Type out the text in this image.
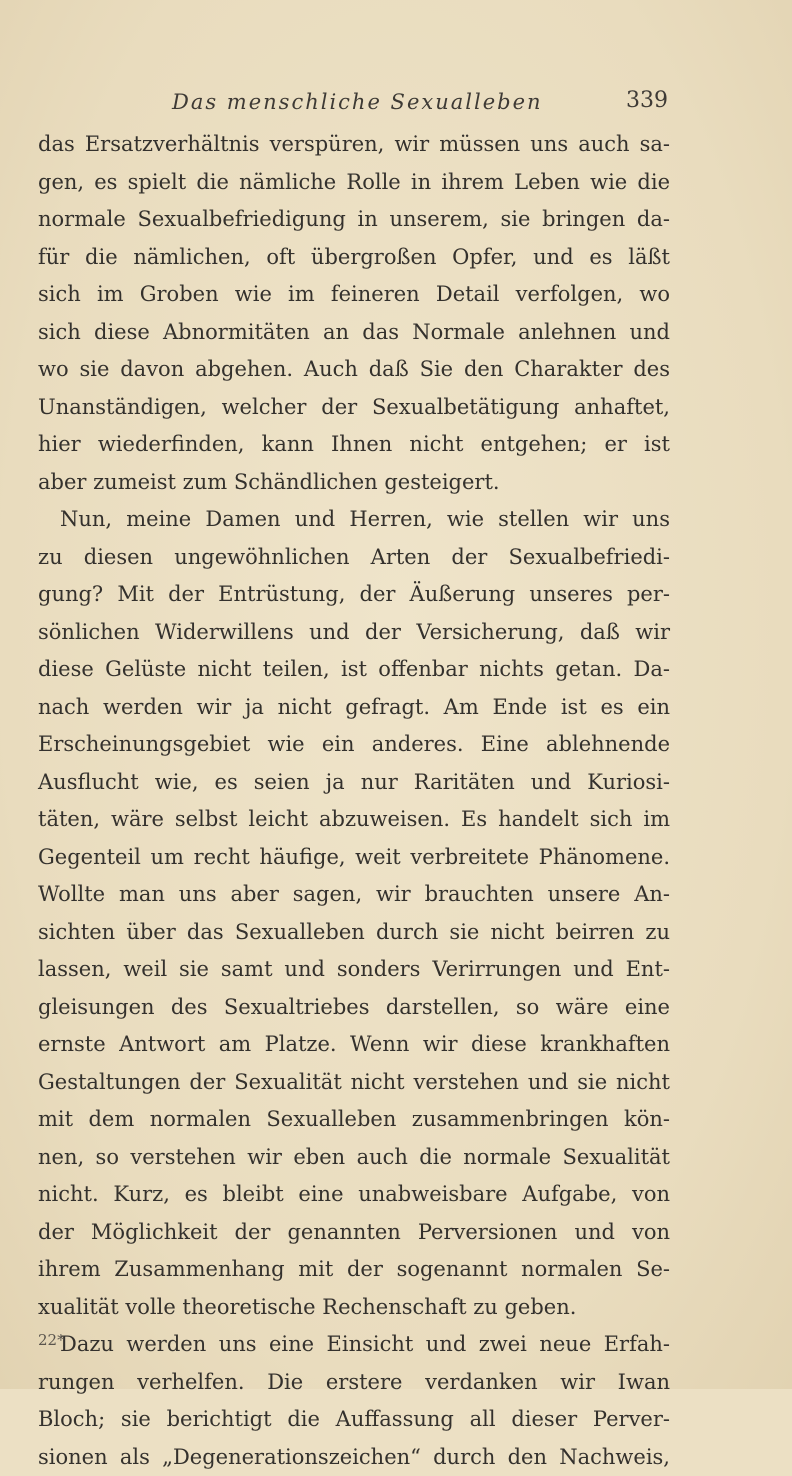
Das menschliche Sexualleben	339
das Ersatzverhältnis verspüren, wir müssen uns auch sa-
gen, es spielt die nämliche Rolle in ihrem Leben wie die
normale Sexualbefriedigung in unserem, sie bringen da-
für die nämlichen, oft übergroßen Opfer, und es läßt
sich im Groben wie im feineren Detail verfolgen, wo
sich diese Abnormitäten an das Normale anlehnen und
wo sie davon abgehen. Auch daß Sie den Charakter des
Unanständigen, welcher der Sexualbetätigung anhaftet,
hier wiederfinden, kann Ihnen nicht entgehen; er ist
aber zumeist zum Schändlichen gesteigert.
Nun, meine Damen und Herren, wie stellen wir uns
zu diesen ungewöhnlichen Arten der Sexualbefriedi-
gung? Mit der Entrüstung, der Äußerung unseres per-
sönlichen Widerwillens und der Versicherung, daß wir
diese Gelüste nicht teilen, ist offenbar nichts getan. Da-
nach werden wir ja nicht gefragt. Am Ende ist es ein
Erscheinungsgebiet wie ein anderes. Eine ablehnende
Ausflucht wie, es seien ja nur Raritäten und Kuriosi-
täten, wäre selbst leicht abzuweisen. Es handelt sich im
Gegenteil um recht häufige, weit verbreitete Phänomene.
Wollte man uns aber sagen, wir brauchten unsere An-
sichten über das Sexualleben durch sie nicht beirren zu
lassen, weil sie samt und sonders Verirrungen und Ent-
gleisungen des Sexualtriebes darstellen, so wäre eine
ernste Antwort am Platze. Wenn wir diese krankhaften
Gestaltungen der Sexualität nicht verstehen und sie nicht
mit dem normalen Sexualleben zusammenbringen kön-
nen, so verstehen wir eben auch die normale Sexualität
nicht. Kurz, es bleibt eine unabweisbare Aufgabe, von
der Möglichkeit der genannten Perversionen und von
ihrem Zusammenhang mit der sogenannt normalen Se-
xualität volle theoretische Rechenschaft zu geben.
Dazu werden uns eine Einsicht und zwei neue Erfah-
rungen verhelfen. Die erstere verdanken wir Iwan
Bloch; sie berichtigt die Auffassung all dieser Perver-
sionen als „Degenerationszeichen“ durch den Nachweis,
22*
